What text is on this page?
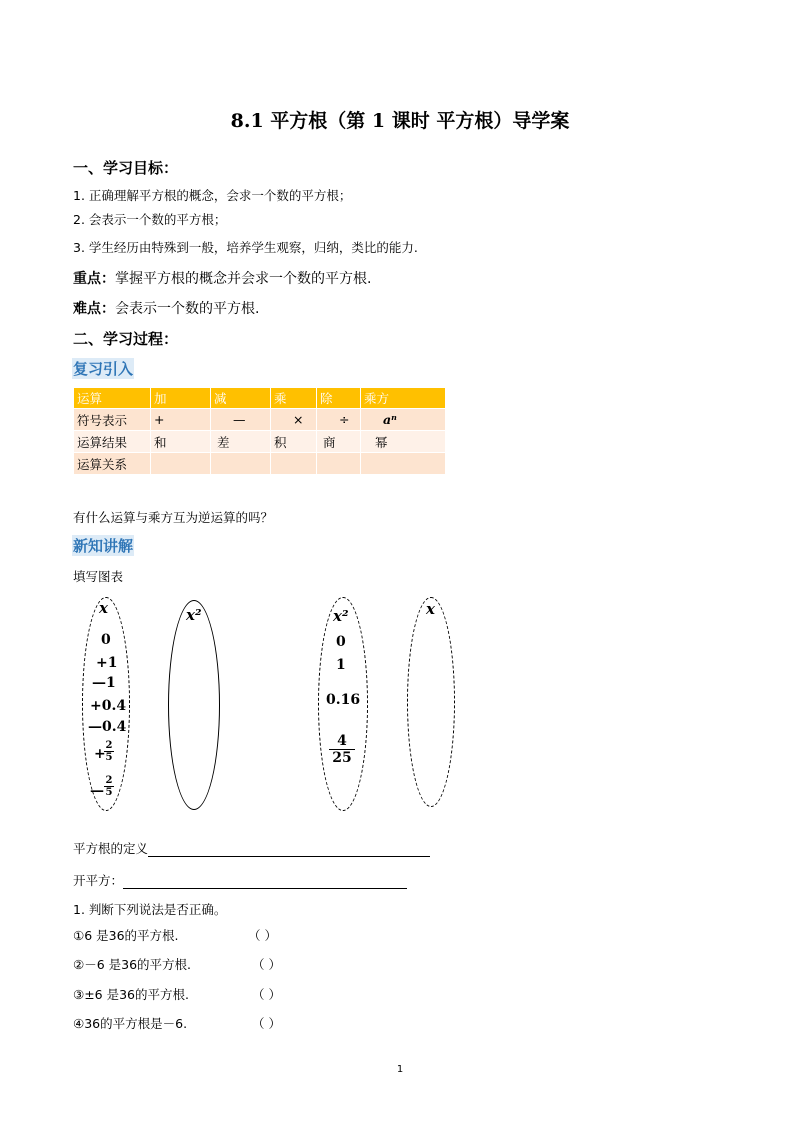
8.1 平方根（第 1 课时 平方根）导学案
一、学习目标：
1. 正确理解平方根的概念，会求一个数的平方根；
2. 会表示一个数的平方根；
3. 学生经历由特殊到一般，培养学生观察，归纳，类比的能力.
重点：掌握平方根的概念并会求一个数的平方根.
难点：会表示一个数的平方根.
二、学习过程：
复习引入
运算	加	减	乘	除	乘方
符号表示	+	—	×	÷	aⁿ
运算结果	和	差	积	商	幂
运算关系					
有什么运算与乘方互为逆运算的吗？
新知讲解
填写图表
x
0
+1
—1
+0.4
—0.4
+
2
5
—
2
5
x²	x²
0
1
0.16
4
25
x
平方根的定义
开平方：
1. 判断下列说法是否正确。
①6 是36的平方根.	（ ）
②－6 是36的平方根.	（ ）
③±6 是36的平方根.	（ ）
④36的平方根是－6.	（ ）
1
